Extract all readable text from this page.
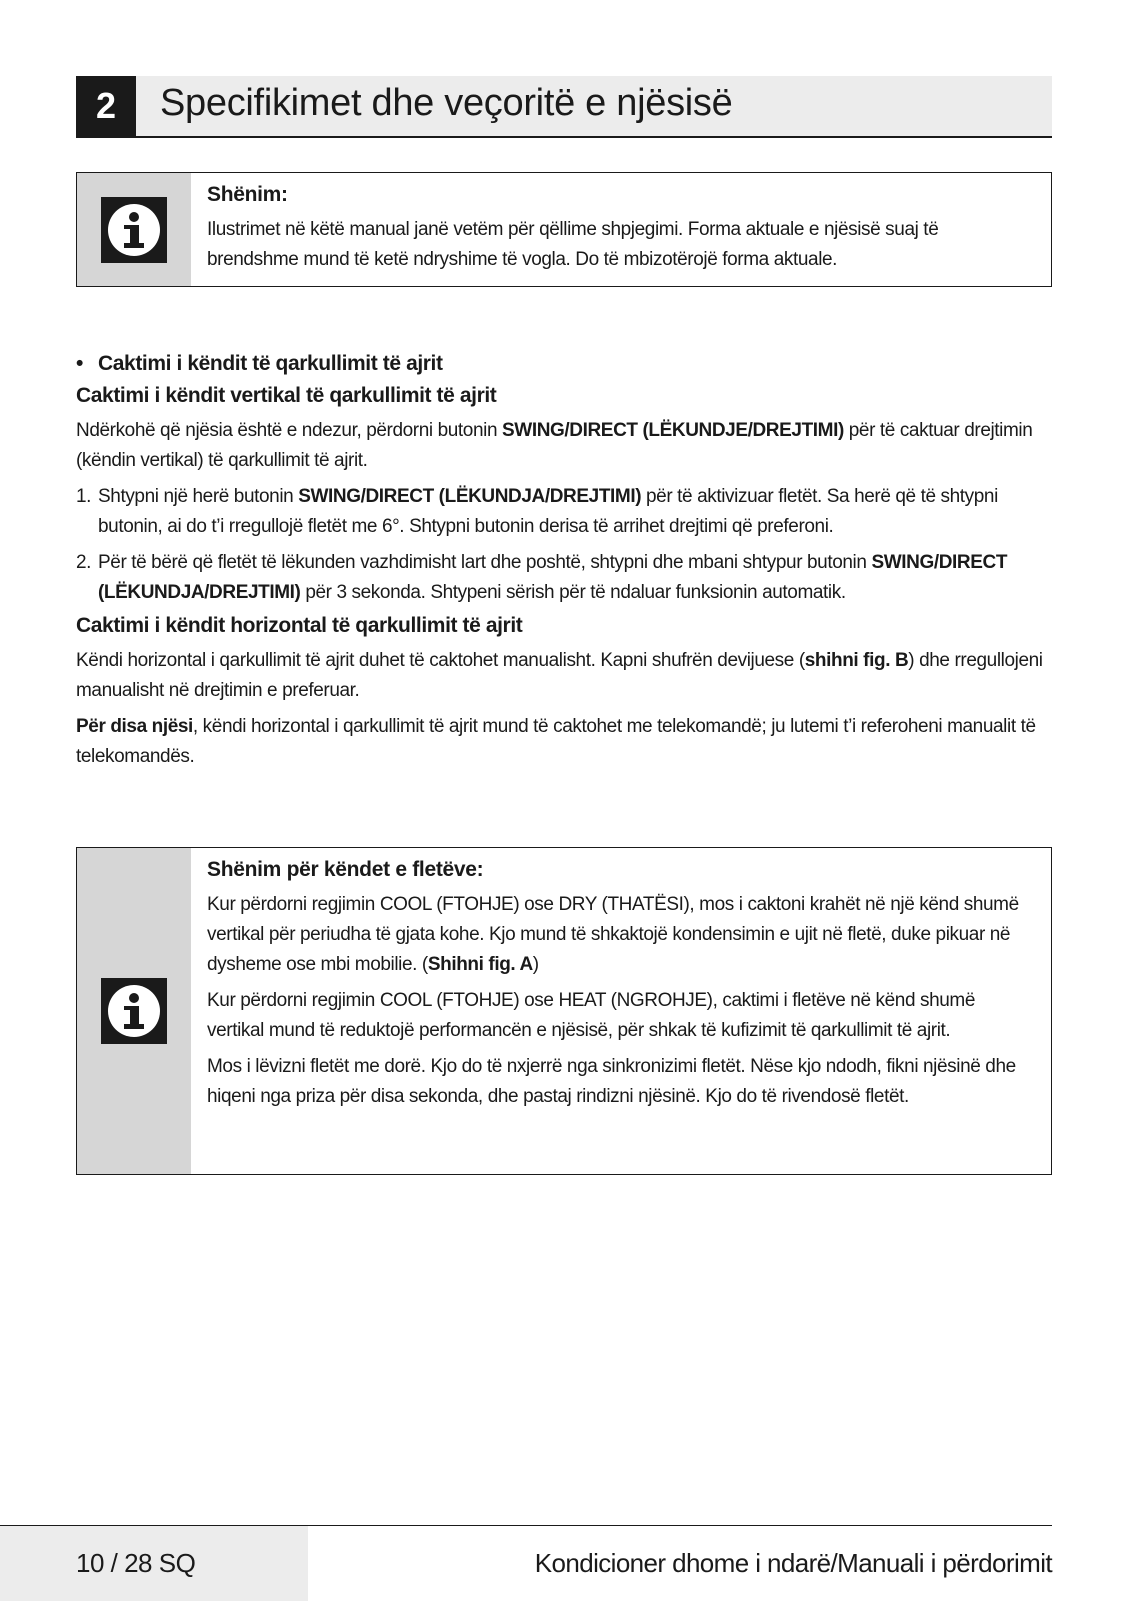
2	Specifikimet dhe veçoritë e njësisë
Shënim:
Ilustrimet në këtë manual janë vetëm për qëllime shpjegimi. Forma aktuale e njësisë suaj të brendshme mund të ketë ndryshime të vogla. Do të mbizotërojë forma aktuale.
• Caktimi i këndit të qarkullimit të ajrit
Caktimi i këndit vertikal të qarkullimit të ajrit

Ndërkohë që njësia është e ndezur, përdorni butonin SWING/DIRECT (LËKUNDJE/DREJTIMI) për të caktuar drejtimin (këndin vertikal) të qarkullimit të ajrit.

1. Shtypni një herë butonin SWING/DIRECT (LËKUNDJA/DREJTIMI) për të aktivizuar fletët. Sa herë që të shtypni butonin, ai do t’i rregullojë fletët me 6°. Shtypni butonin derisa të arrihet drejtimi që preferoni.
2. Për të bërë që fletët të lëkunden vazhdimisht lart dhe poshtë, shtypni dhe mbani shtypur butonin SWING/DIRECT (LËKUNDJA/DREJTIMI) për 3 sekonda. Shtypeni sërish për të ndaluar funksionin automatik.
Caktimi i këndit horizontal të qarkullimit të ajrit

Këndi horizontal i qarkullimit të ajrit duhet të caktohet manualisht. Kapni shufrën devijuese (shihni fig. B) dhe rregullojeni manualisht në drejtimin e preferuar.

Për disa njësi, këndi horizontal i qarkullimit të ajrit mund të caktohet me telekomandë; ju lutemi t’i referoheni manualit të telekomandës.

Shënim për këndet e fletëve:
Kur përdorni regjimin COOL (FTOHJE) ose DRY (THATËSI), mos i caktoni krahët në një kënd shumë vertikal për periudha të gjata kohe. Kjo mund të shkaktojë kondensimin e ujit në fletë, duke pikuar në dysheme ose mbi mobilie. (Shihni fig. A)
Kur përdorni regjimin COOL (FTOHJE) ose HEAT (NGROHJE), caktimi i fletëve në kënd shumë vertikal mund të reduktojë performancën e njësisë, për shkak të kufizimit të qarkullimit të ajrit.
Mos i lëvizni fletët me dorë. Kjo do të nxjerrë nga sinkronizimi fletët. Nëse kjo ndodh, fikni njësinë dhe hiqeni nga priza për disa sekonda, dhe pastaj rindizni njësinë. Kjo do të rivendosë fletët.
10 / 28 SQ	Kondicioner dhome i ndarë/Manuali i përdorimit
